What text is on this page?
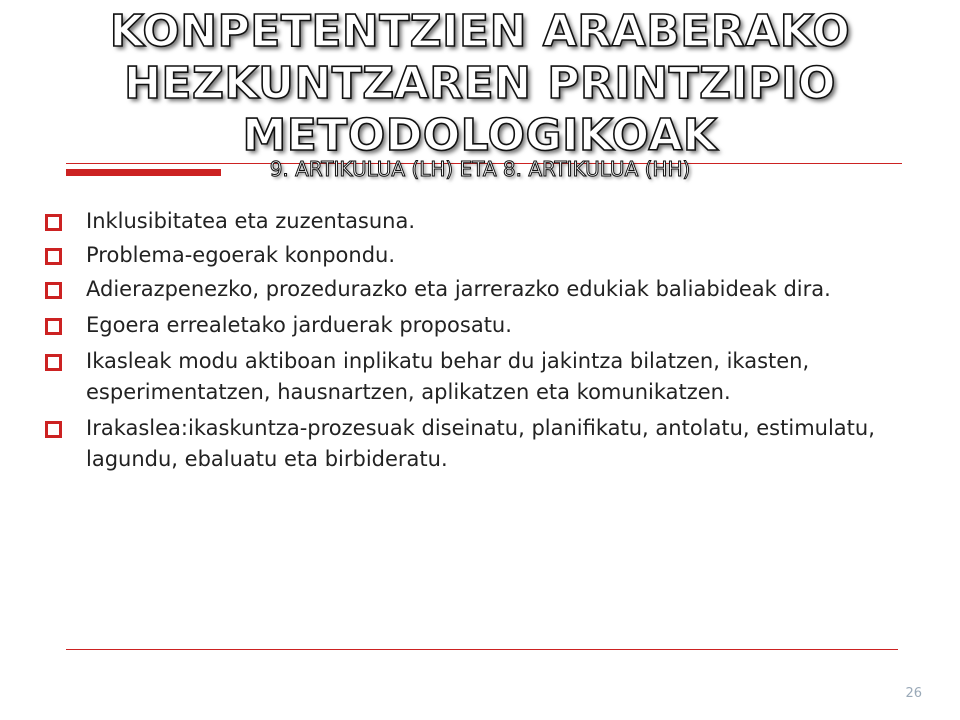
KONPETENTZIEN ARABERAKO
HEZKUNTZAREN PRINTZIPIO
METODOLOGIKOAK
9. ARTIKULUA (LH) ETA 8. ARTIKULUA (HH)
Inklusibitatea eta zuzentasuna.
Problema-egoerak konpondu.
Adierazpenezko, prozedurazko eta jarrerazko edukiak baliabideak dira.
Egoera errealetako jarduerak proposatu.
Ikasleak modu aktiboan inplikatu behar du jakintza bilatzen, ikasten, esperimentatzen, hausnartzen, aplikatzen eta komunikatzen.
Irakaslea:ikaskuntza-prozesuak diseinatu, planifikatu, antolatu, estimulatu, lagundu, ebaluatu eta birbideratu.
26
